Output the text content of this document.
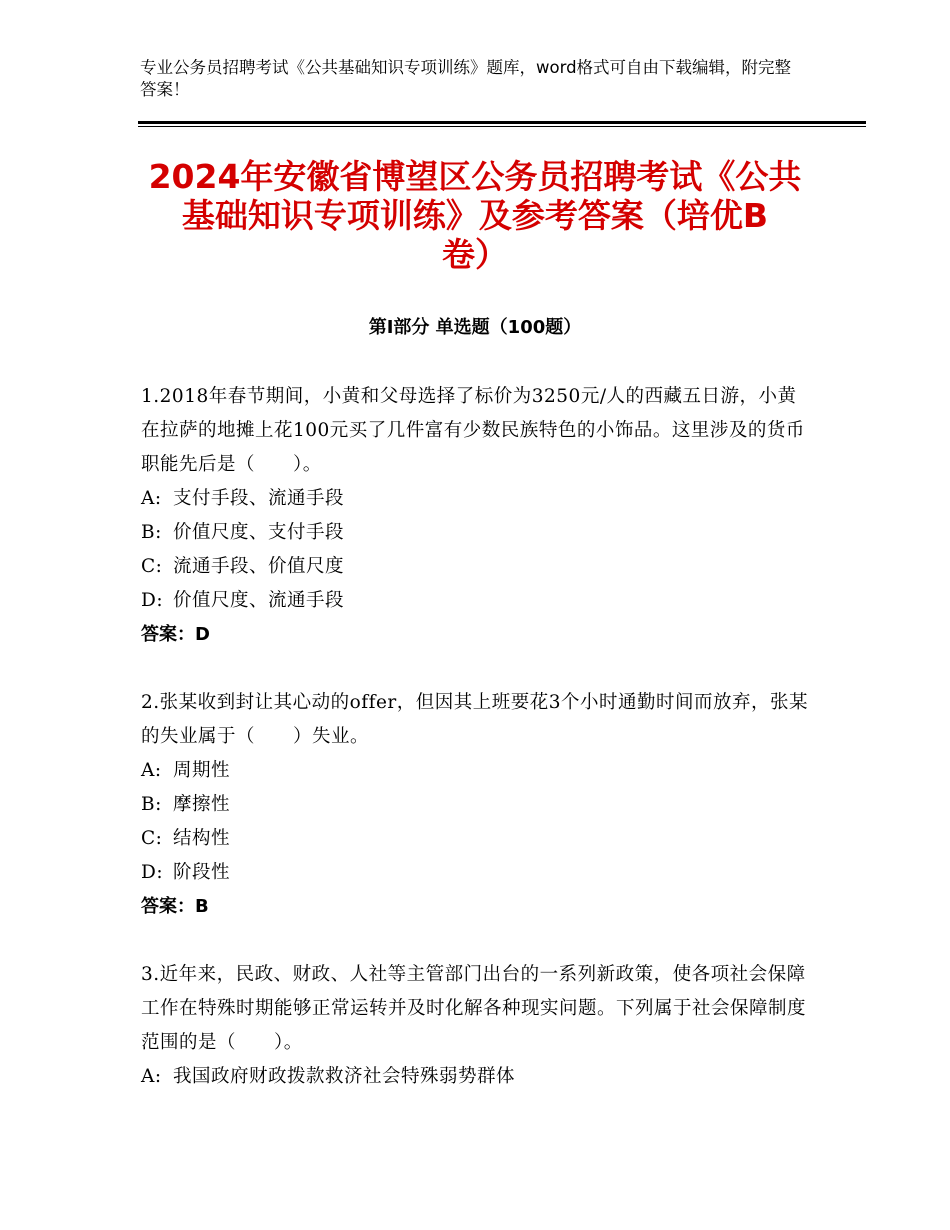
专业公务员招聘考试《公共基础知识专项训练》题库，word格式可自由下载编辑，附完整答案！
2024年安徽省博望区公务员招聘考试《公共
基础知识专项训练》及参考答案（培优B
卷）
第Ⅰ部分 单选题（100题）
1.2018年春节期间，小黄和父母选择了标价为3250元/人的西藏五日游，小黄在拉萨的地摊上花100元买了几件富有少数民族特色的小饰品。这里涉及的货币职能先后是（　　）。
A: 支付手段、流通手段
B: 价值尺度、支付手段
C: 流通手段、价值尺度
D: 价值尺度、流通手段
答案：D
2.张某收到封让其心动的offer，但因其上班要花3个小时通勤时间而放弃，张某的失业属于（　　）失业。
A: 周期性
B: 摩擦性
C: 结构性
D: 阶段性
答案：B
3.近年来，民政、财政、人社等主管部门出台的一系列新政策，使各项社会保障工作在特殊时期能够正常运转并及时化解各种现实问题。下列属于社会保障制度范围的是（　　）。
A: 我国政府财政拨款救济社会特殊弱势群体
